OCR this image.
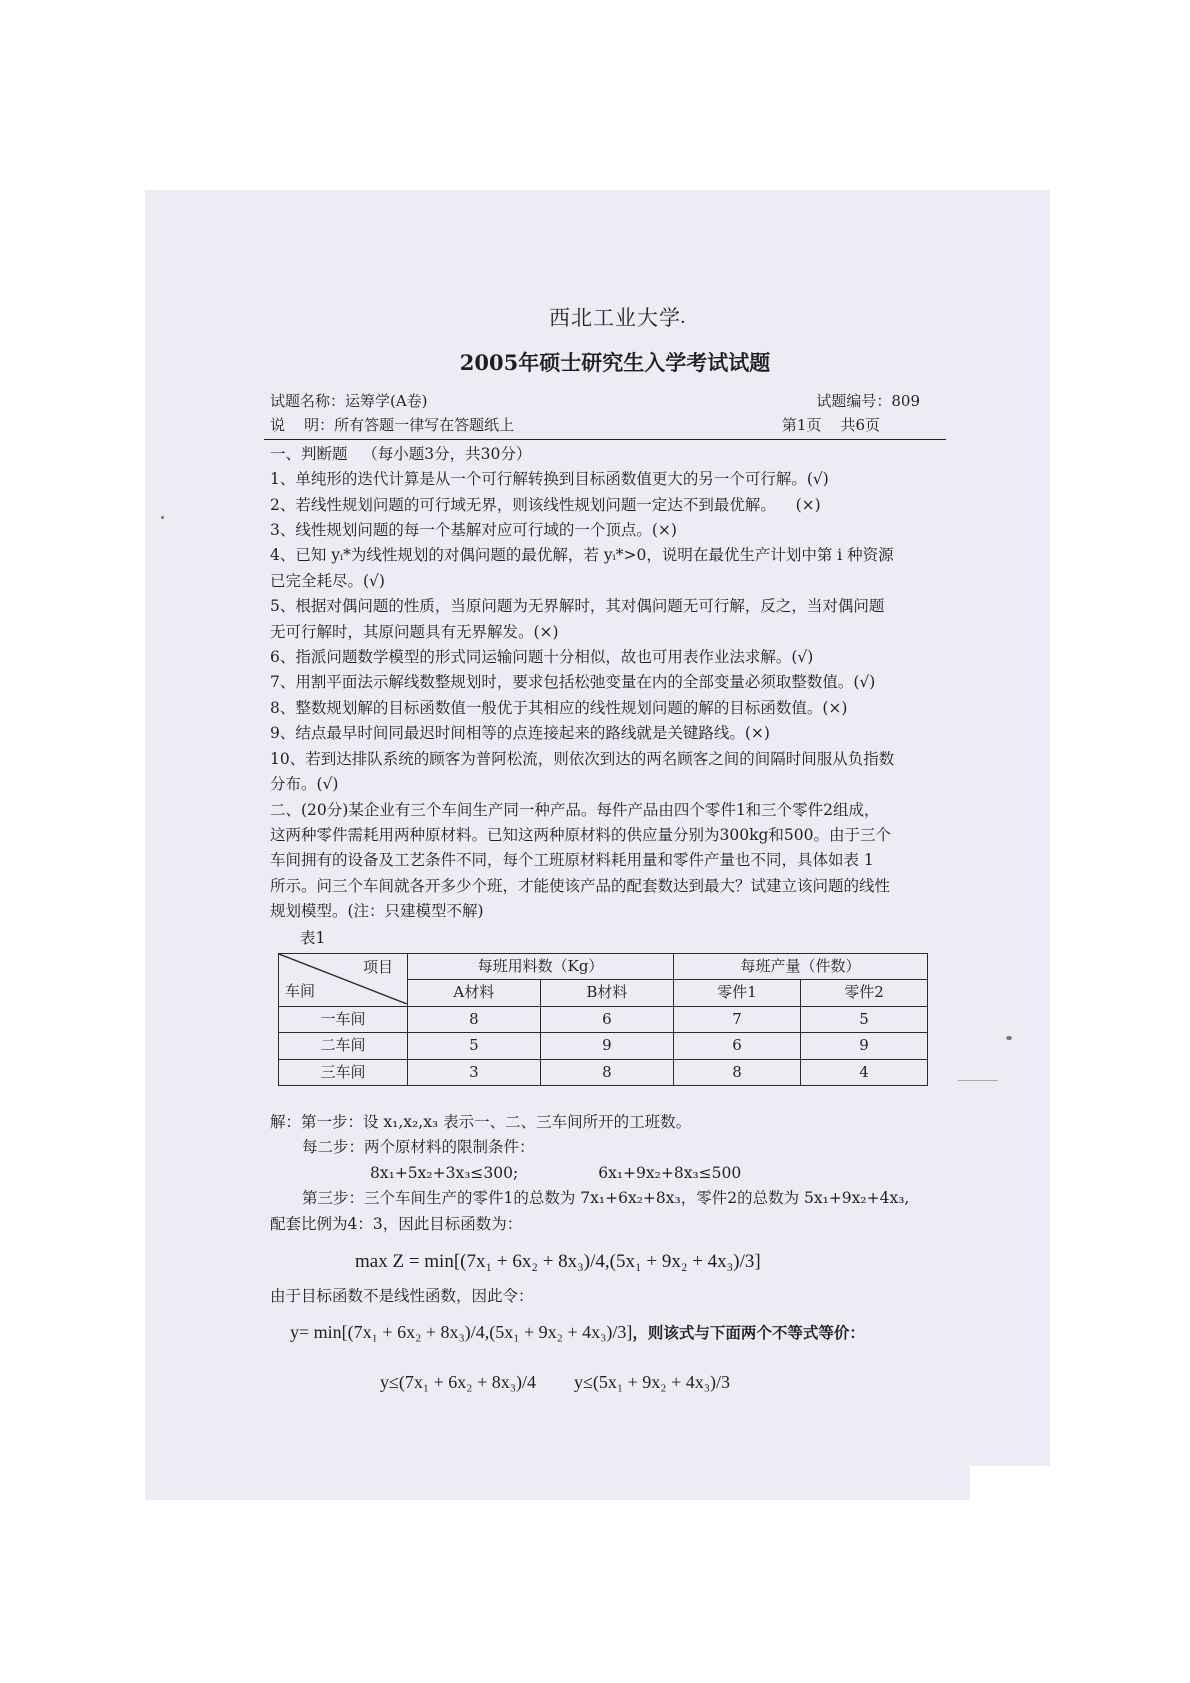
西北工业大学 ·
2005年硕士研究生入学考试试题
试题名称：运筹学(A卷)	试题编号：809
说    明：所有答题一律写在答题纸上	第1页    共6页
一、判断题   （每小题3分，共30分）
1、单纯形的迭代计算是从一个可行解转换到目标函数值更大的另一个可行解。(√)
2、若线性规划问题的可行域无界，则该线性规划问题一定达不到最优解。    (×)
3、线性规划问题的每一个基解对应可行域的一个顶点。(×)
4、已知 yᵢ*为线性规划的对偶问题的最优解，若 yᵢ*>0，说明在最优生产计划中第 i 种资源
已完全耗尽。(√)
5、根据对偶问题的性质，当原问题为无界解时，其对偶问题无可行解，反之，当对偶问题
无可行解时，其原问题具有无界解发。(×)
6、指派问题数学模型的形式同运输问题十分相似，故也可用表作业法求解。(√)
7、用割平面法示解线数整规划时，要求包括松弛变量在内的全部变量必须取整数值。(√)
8、整数规划解的目标函数值一般优于其相应的线性规划问题的解的目标函数值。(×)
9、结点最早时间同最迟时间相等的点连接起来的路线就是关键路线。(×)
10、若到达排队系统的顾客为普阿松流，则依次到达的两名顾客之间的间隔时间服从负指数
分布。(√)
二、(20分)某企业有三个车间生产同一种产品。每件产品由四个零件1和三个零件2组成，
这两种零件需耗用两种原材料。已知这两种原材料的供应量分别为300kg和500。由于三个
车间拥有的设备及工艺条件不同，每个工班原材料耗用量和零件产量也不同，具体如表 1
所示。问三个车间就各开多少个班，才能使该产品的配套数达到最大？试建立该问题的线性
规划模型。(注：只建模型不解)
表1
项目
车间	每班用料数（Kg）		每班产量（件数）	
	A材料	B材料	零件1	零件2
一车间	8	6	7	5
二车间	5	9	6	9
三车间	3	8	8	4
解：第一步：设 x₁,x₂,x₃ 表示一、二、三车间所开的工班数。
每二步：两个原材料的限制条件：
8x₁+5x₂+3x₃≤300;	6x₁+9x₂+8x₃≤500
第三步：三个车间生产的零件1的总数为 7x₁+6x₂+8x₃，零件2的总数为 5x₁+9x₂+4x₃,
配套比例为4：3，因此目标函数为：
max Z = min[(7x₁ + 6x₂ + 8x₃)/4,(5x₁ + 9x₂ + 4x₃)/3]
由于目标函数不是线性函数，因此令：
y= min[(7x₁ + 6x₂ + 8x₃)/4,(5x₁ + 9x₂ + 4x₃)/3]，则该式与下面两个不等式等价：
y≤(7x₁ + 6x₂ + 8x₃)/4 y≤(5x₁ + 9x₂ + 4x₃)/3
